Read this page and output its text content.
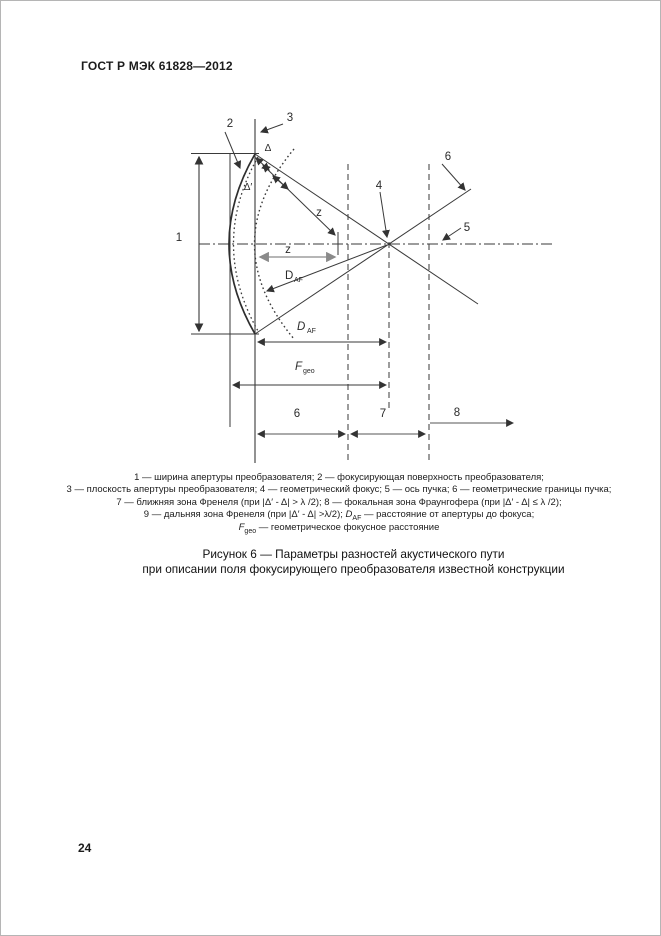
ГОСТ Р МЭК 61828—2012
1
2	3
4
5
6
Δ
Δ′
z
z
D AF
D AF
F geo
6	7	8
1 — ширина апертуры преобразователя; 2 — фокусирующая поверхность преобразователя;
3 — плоскость апертуры преобразователя; 4 — геометрический фокус; 5 — ось пучка; 6 — геометрические границы пучка;
7 — ближняя зона Френеля (при |Δ′ - Δ| > λ /2); 8 — фокальная зона Фраунгофера (при |Δ′ - Δ| ≤ λ /2);
9 — дальняя зона Френеля (при |Δ′ - Δ| >λ/2); $D_{AF}$ — расстояние от апертуры до фокуса;
$F_{geo}$ — геометрическое фокусное расстояние
Рисунок 6 — Параметры разностей акустического пути
при описании поля фокусирующего преобразователя известной конструкции
24
